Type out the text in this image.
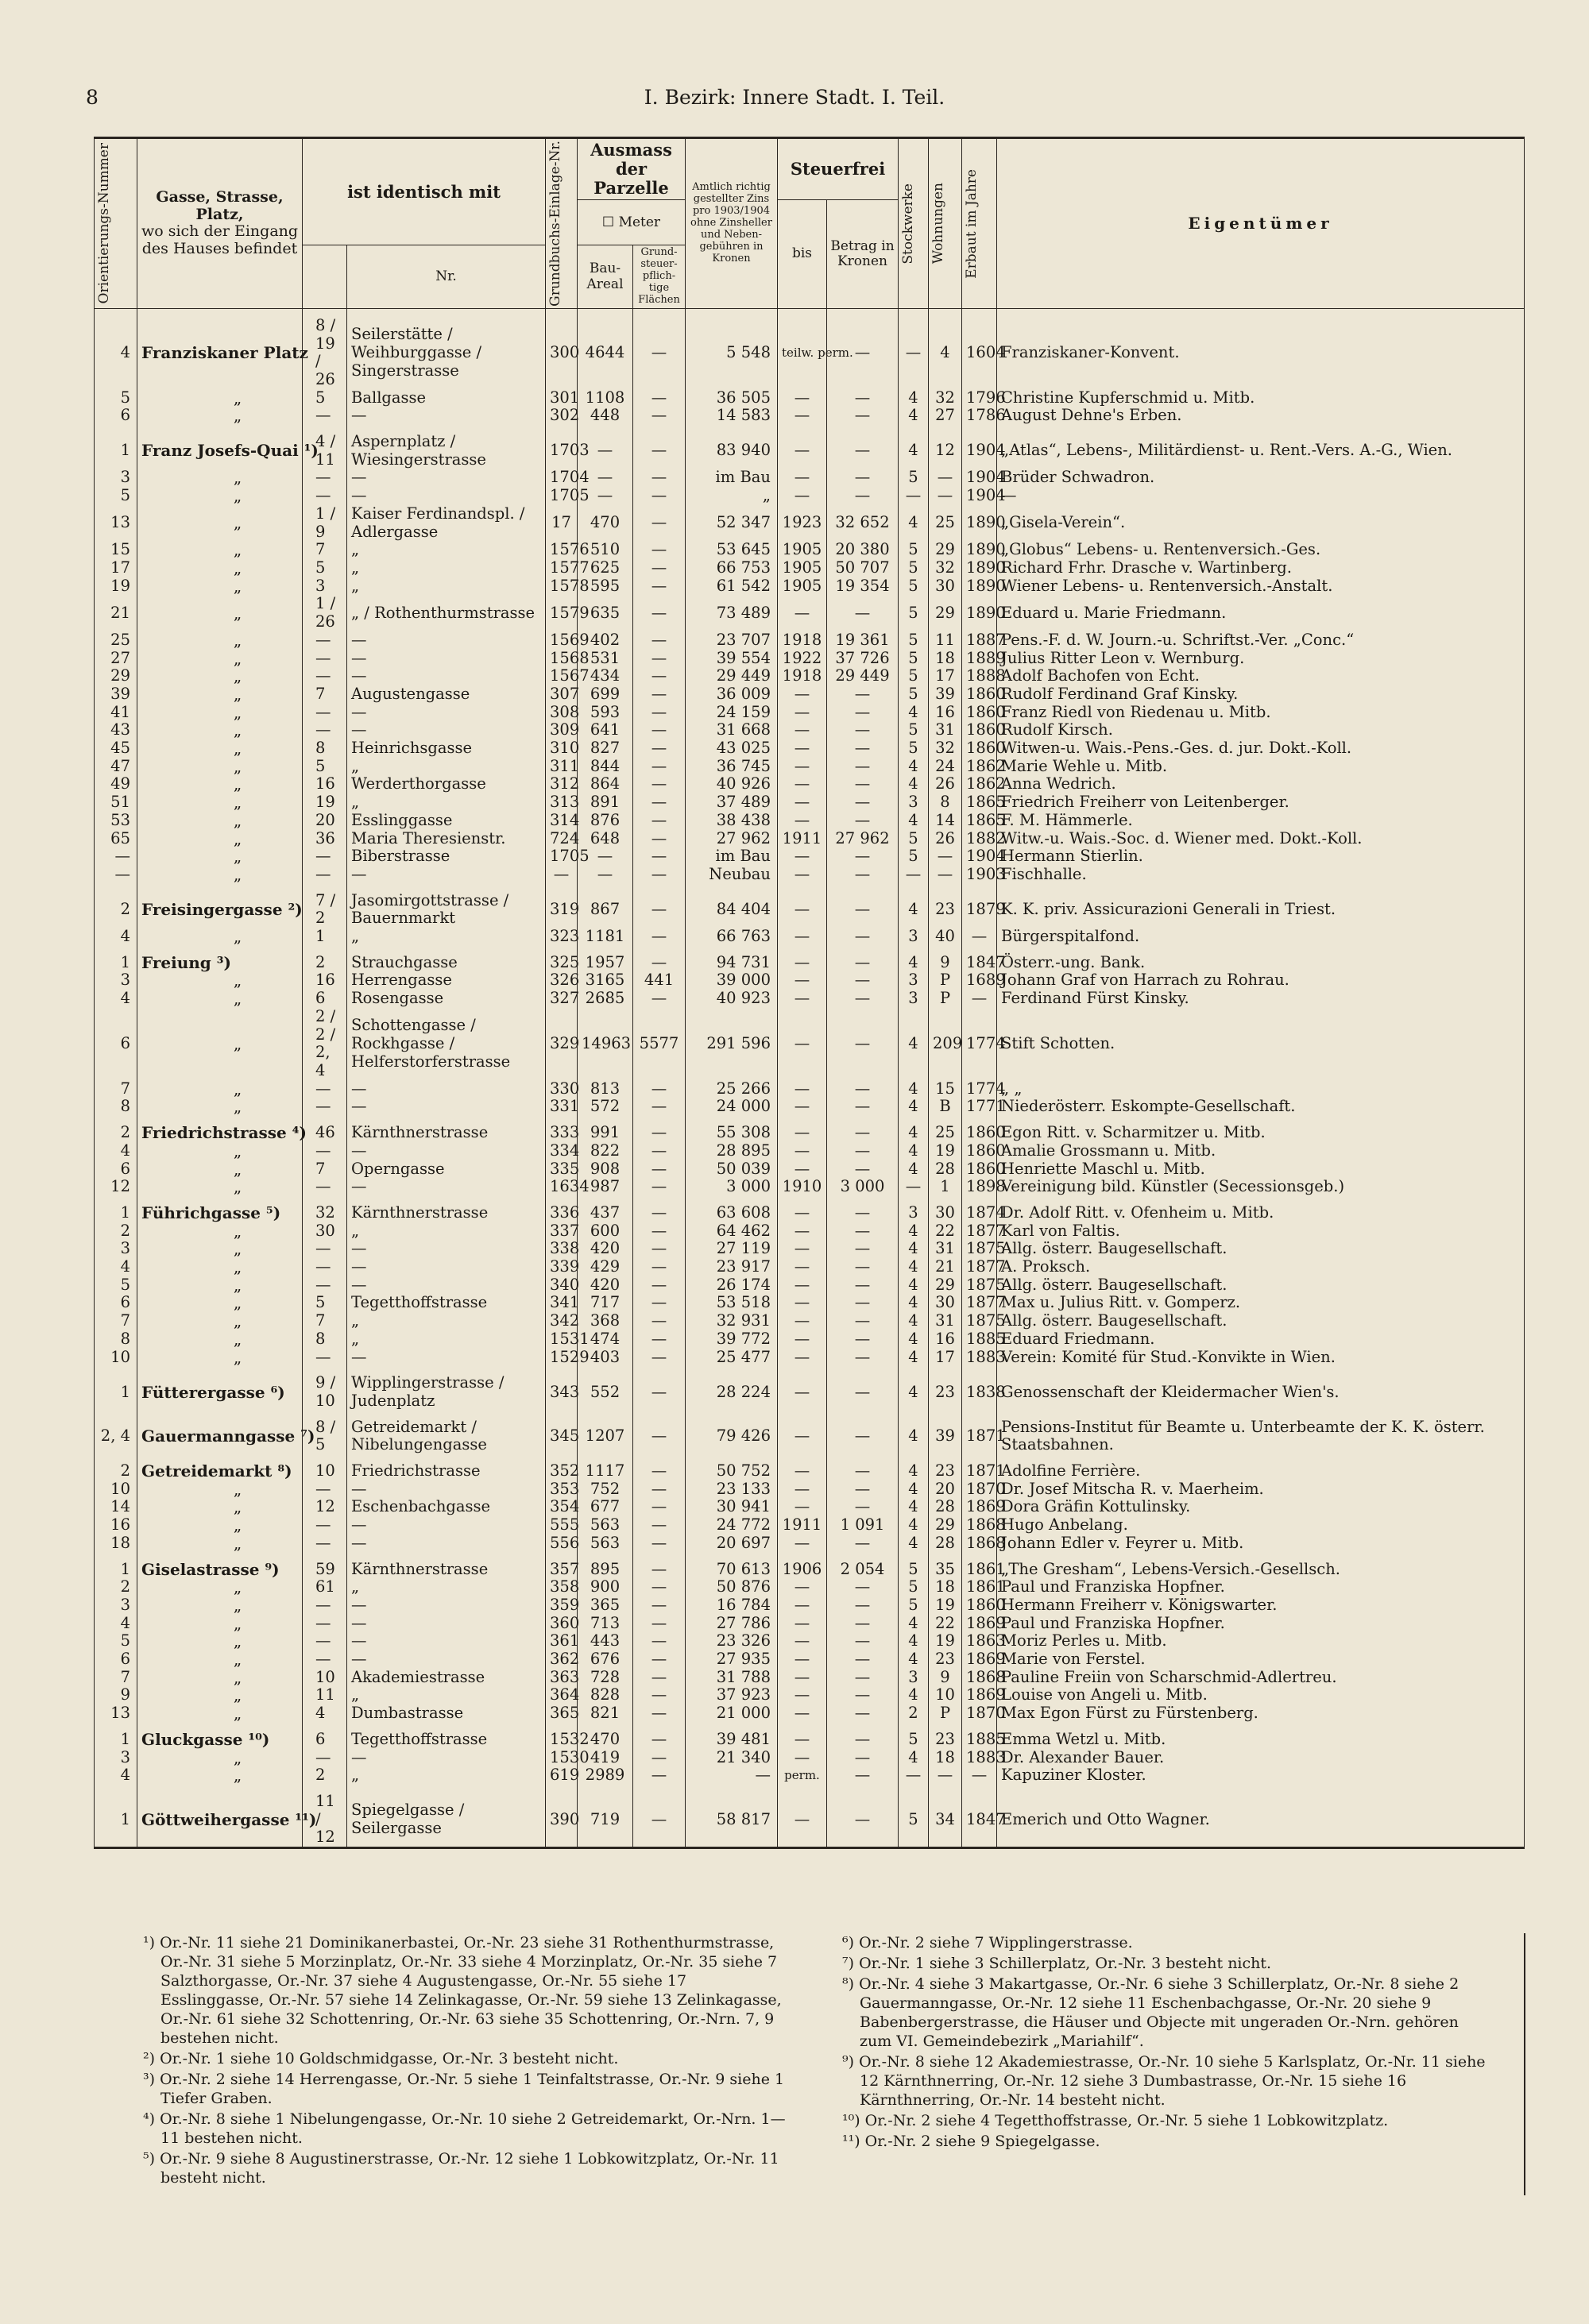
8	I. Bezirk: Innere Stadt. I. Teil.
Orientierungs-Nummer	Gasse, Strasse, Platz,
wo sich der Eingang
des Hauses befindet	ist identisch mit		Grundbuchs-Einlage-Nr.	Ausmass der Parzelle		Amtlich richtig gestellter Zins pro 1903/1904 ohne Zinsheller und Neben-gebühren in Kronen	Steuerfrei		Stockwerke	Wohnungen	Erbaut im Jahre	Eigentümer
					☐ Meter			bis	Betrag in Kronen				
			Nr.		Bau-Areal	Grund-steuer-pflich-tige Flächen							
4	Franziskaner Platz	8 / 19 / 26	Seilerstätte / Weihburggasse / Singerstrasse	300	4644	—	5 548	teilw. perm.	—	—	4	1604	Franziskaner-Konvent.
5	„	5	Ballgasse	301	1108	—	36 505	—	—	4	32	1796	Christine Kupferschmid u. Mitb.
6	„	—	—	302	448	—	14 583	—	—	4	27	1786	August Dehne's Erben.
1	Franz Josefs-Quai ¹)	4 / 11	Aspernplatz / Wiesingerstrasse	1703	—	—	83 940	—	—	4	12	1904	„Atlas“, Lebens-, Militärdienst- u. Rent.-Vers. A.-G., Wien.
3	„	—	—	1704	—	—	im Bau	—	—	5	—	1904	Brüder Schwadron.
5	„	—	—	1705	—	—	„	—	—	—	—	1904	—
13	„	1 / 9	Kaiser Ferdinandspl. / Adlergasse	17	470	—	52 347	1923	32 652	4	25	1890	„Gisela-Verein“.
15	„	7	„	1576	510	—	53 645	1905	20 380	5	29	1890	„Globus“ Lebens- u. Rentenversich.-Ges.
17	„	5	„	1577	625	—	66 753	1905	50 707	5	32	1890	Richard Frhr. Drasche v. Wartinberg.
19	„	3	„	1578	595	—	61 542	1905	19 354	5	30	1890	Wiener Lebens- u. Rentenversich.-Anstalt.
21	„	1 / 26	„ / Rothenthurmstrasse	1579	635	—	73 489	—	—	5	29	1890	Eduard u. Marie Friedmann.
25	„	—	—	1569	402	—	23 707	1918	19 361	5	11	1887	Pens.-F. d. W. Journ.-u. Schriftst.-Ver. „Conc.“
27	„	—	—	1568	531	—	39 554	1922	37 726	5	18	1889	Julius Ritter Leon v. Wernburg.
29	„	—	—	1567	434	—	29 449	1918	29 449	5	17	1888	Adolf Bachofen von Echt.
39	„	7	Augustengasse	307	699	—	36 009	—	—	5	39	1860	Rudolf Ferdinand Graf Kinsky.
41	„	—	—	308	593	—	24 159	—	—	4	16	1860	Franz Riedl von Riedenau u. Mitb.
43	„	—	—	309	641	—	31 668	—	—	5	31	1860	Rudolf Kirsch.
45	„	8	Heinrichsgasse	310	827	—	43 025	—	—	5	32	1860	Witwen-u. Wais.-Pens.-Ges. d. jur. Dokt.-Koll.
47	„	5	„	311	844	—	36 745	—	—	4	24	1862	Marie Wehle u. Mitb.
49	„	16	Werderthorgasse	312	864	—	40 926	—	—	4	26	1862	Anna Wedrich.
51	„	19	„	313	891	—	37 489	—	—	3	8	1865	Friedrich Freiherr von Leitenberger.
53	„	20	Esslinggasse	314	876	—	38 438	—	—	4	14	1865	F. M. Hämmerle.
65	„	36	Maria Theresienstr.	724	648	—	27 962	1911	27 962	5	26	1882	Witw.-u. Wais.-Soc. d. Wiener med. Dokt.-Koll.
—	„	—	Biberstrasse	1705	—	—	im Bau	—	—	5	—	1904	Hermann Stierlin.
—	„	—	—	—	—	—	Neubau	—	—	—	—	1903	Fischhalle.
2	Freisingergasse ²)	7 / 2	Jasomirgottstrasse / Bauernmarkt	319	867	—	84 404	—	—	4	23	1879	K. K. priv. Assicurazioni Generali in Triest.
4	„	1	„	323	1181	—	66 763	—	—	3	40	—	Bürgerspitalfond.
1	Freiung ³)	2	Strauchgasse	325	1957	—	94 731	—	—	4	9	1847	Österr.-ung. Bank.
3	„	16	Herrengasse	326	3165	441	39 000	—	—	3	P	1689	Johann Graf von Harrach zu Rohrau.
4	„	6	Rosengasse	327	2685	—	40 923	—	—	3	P	—	Ferdinand Fürst Kinsky.
6	„	2 / 2 / 2, 4	Schottengasse / Rockhgasse / Helferstorferstrasse	329	14963	5577	291 596	—	—	4	209	1774	Stift Schotten.
7	„	—	—	330	813	—	25 266	—	—	4	15	1774	„ „
8	„	—	—	331	572	—	24 000	—	—	4	B	1771	Niederösterr. Eskompte-Gesellschaft.
2	Friedrichstrasse ⁴)	46	Kärnthnerstrasse	333	991	—	55 308	—	—	4	25	1860	Egon Ritt. v. Scharmitzer u. Mitb.
4	„	—	—	334	822	—	28 895	—	—	4	19	1860	Amalie Grossmann u. Mitb.
6	„	7	Operngasse	335	908	—	50 039	—	—	4	28	1860	Henriette Maschl u. Mitb.
12	„	—	—	1634	987	—	3 000	1910	3 000	—	1	1898	Vereinigung bild. Künstler (Secessionsgeb.)
1	Führichgasse ⁵)	32	Kärnthnerstrasse	336	437	—	63 608	—	—	3	30	1874	Dr. Adolf Ritt. v. Ofenheim u. Mitb.
2	„	30	„	337	600	—	64 462	—	—	4	22	1877	Karl von Faltis.
3	„	—	—	338	420	—	27 119	—	—	4	31	1875	Allg. österr. Baugesellschaft.
4	„	—	—	339	429	—	23 917	—	—	4	21	1877	A. Proksch.
5	„	—	—	340	420	—	26 174	—	—	4	29	1875	Allg. österr. Baugesellschaft.
6	„	5	Tegetthoffstrasse	341	717	—	53 518	—	—	4	30	1877	Max u. Julius Ritt. v. Gomperz.
7	„	7	„	342	368	—	32 931	—	—	4	31	1875	Allg. österr. Baugesellschaft.
8	„	8	„	1531	474	—	39 772	—	—	4	16	1885	Eduard Friedmann.
10	„	—	—	1529	403	—	25 477	—	—	4	17	1883	Verein: Komité für Stud.-Konvikte in Wien.
1	Fütterergasse ⁶)	9 / 10	Wipplingerstrasse / Judenplatz	343	552	—	28 224	—	—	4	23	1838	Genossenschaft der Kleidermacher Wien's.
2, 4	Gauermanngasse ⁷)	8 / 5	Getreidemarkt / Nibelungengasse	345	1207	—	79 426	—	—	4	39	1871	Pensions-Institut für Beamte u. Unterbeamte der K. K. österr. Staatsbahnen.
2	Getreidemarkt ⁸)	10	Friedrichstrasse	352	1117	—	50 752	—	—	4	23	1871	Adolfine Ferrière.
10	„	—	—	353	752	—	23 133	—	—	4	20	1870	Dr. Josef Mitscha R. v. Maerheim.
14	„	12	Eschenbachgasse	354	677	—	30 941	—	—	4	28	1869	Dora Gräfin Kottulinsky.
16	„	—	—	555	563	—	24 772	1911	1 091	4	29	1868	Hugo Anbelang.
18	„	—	—	556	563	—	20 697	—	—	4	28	1868	Johann Edler v. Feyrer u. Mitb.
1	Giselastrasse ⁹)	59	Kärnthnerstrasse	357	895	—	70 613	1906	2 054	5	35	1861	„The Gresham“, Lebens-Versich.-Gesellsch.
2	„	61	„	358	900	—	50 876	—	—	5	18	1861	Paul und Franziska Hopfner.
3	„	—	—	359	365	—	16 784	—	—	5	19	1860	Hermann Freiherr v. Königswarter.
4	„	—	—	360	713	—	27 786	—	—	4	22	1869	Paul und Franziska Hopfner.
5	„	—	—	361	443	—	23 326	—	—	4	19	1863	Moriz Perles u. Mitb.
6	„	—	—	362	676	—	27 935	—	—	4	23	1869	Marie von Ferstel.
7	„	10	Akademiestrasse	363	728	—	31 788	—	—	3	9	1868	Pauline Freiin von Scharschmid-Adlertreu.
9	„	11	„	364	828	—	37 923	—	—	4	10	1869	Louise von Angeli u. Mitb.
13	„	4	Dumbastrasse	365	821	—	21 000	—	—	2	P	1870	Max Egon Fürst zu Fürstenberg.
1	Gluckgasse ¹⁰)	6	Tegetthoffstrasse	1532	470	—	39 481	—	—	5	23	1885	Emma Wetzl u. Mitb.
3	„	—	—	1530	419	—	21 340	—	—	4	18	1883	Dr. Alexander Bauer.
4	„	2	„	619	2989	—	—	perm.	—	—	—	—	Kapuziner Kloster.
1	Göttweihergasse ¹¹)	11 / 12	Spiegelgasse / Seilergasse	390	719	—	58 817	—	—	5	34	1847	Emerich und Otto Wagner.
¹) Or.-Nr. 11 siehe 21 Dominikanerbastei, Or.-Nr. 23 siehe 31 Rothenthurmstrasse, Or.-Nr. 31 siehe 5 Morzinplatz, Or.-Nr. 33 siehe 4 Morzinplatz, Or.-Nr. 35 siehe 7 Salzthorgasse, Or.-Nr. 37 siehe 4 Augustengasse, Or.-Nr. 55 siehe 17 Esslinggasse, Or.-Nr. 57 siehe 14 Zelinkagasse, Or.-Nr. 59 siehe 13 Zelinkagasse, Or.-Nr. 61 siehe 32 Schottenring, Or.-Nr. 63 siehe 35 Schottenring, Or.-Nrn. 7, 9 bestehen nicht.
²) Or.-Nr. 1 siehe 10 Goldschmidgasse, Or.-Nr. 3 besteht nicht.
³) Or.-Nr. 2 siehe 14 Herrengasse, Or.-Nr. 5 siehe 1 Teinfaltstrasse, Or.-Nr. 9 siehe 1 Tiefer Graben.
⁴) Or.-Nr. 8 siehe 1 Nibelungengasse, Or.-Nr. 10 siehe 2 Getreidemarkt, Or.-Nrn. 1—11 bestehen nicht.
⁵) Or.-Nr. 9 siehe 8 Augustinerstrasse, Or.-Nr. 12 siehe 1 Lobkowitzplatz, Or.-Nr. 11 besteht nicht.
⁶) Or.-Nr. 2 siehe 7 Wipplingerstrasse.
⁷) Or.-Nr. 1 siehe 3 Schillerplatz, Or.-Nr. 3 besteht nicht.
⁸) Or.-Nr. 4 siehe 3 Makartgasse, Or.-Nr. 6 siehe 3 Schillerplatz, Or.-Nr. 8 siehe 2 Gauermanngasse, Or.-Nr. 12 siehe 11 Eschenbachgasse, Or.-Nr. 20 siehe 9 Babenbergerstrasse, die Häuser und Objecte mit ungeraden Or.-Nrn. gehören zum VI. Gemeindebezirk „Mariahilf“.
⁹) Or.-Nr. 8 siehe 12 Akademiestrasse, Or.-Nr. 10 siehe 5 Karlsplatz, Or.-Nr. 11 siehe 12 Kärnthnerring, Or.-Nr. 12 siehe 3 Dumbastrasse, Or.-Nr. 15 siehe 16 Kärnthnerring, Or.-Nr. 14 besteht nicht.
¹⁰) Or.-Nr. 2 siehe 4 Tegetthoffstrasse, Or.-Nr. 5 siehe 1 Lobkowitzplatz.
¹¹) Or.-Nr. 2 siehe 9 Spiegelgasse.
